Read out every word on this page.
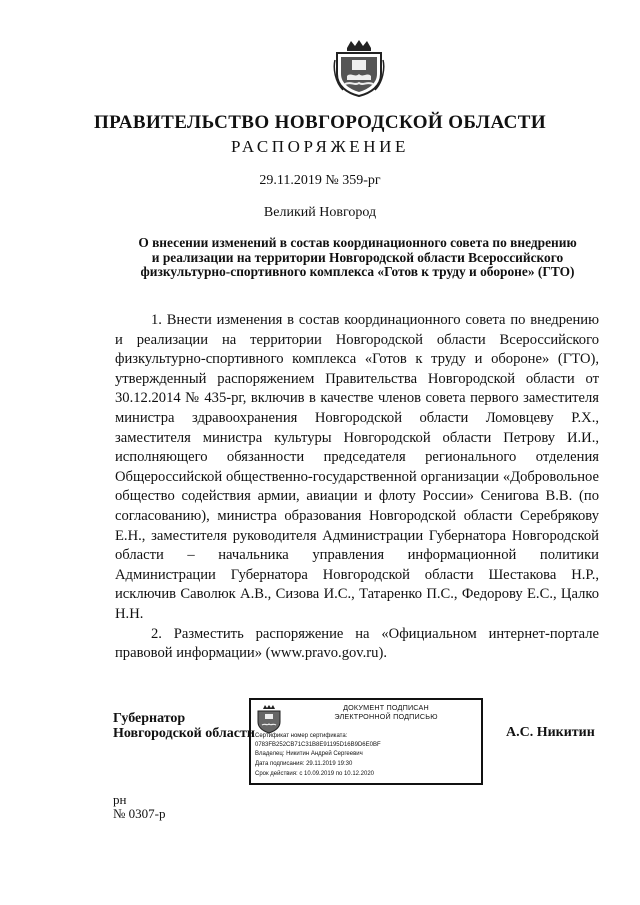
ПРАВИТЕЛЬСТВО НОВГОРОДСКОЙ ОБЛАСТИ
РАСПОРЯЖЕНИЕ
29.11.2019 № 359-рг
Великий Новгород
О внесении изменений в состав координационного совета по внедрению
и реализации на территории Новгородской области Всероссийского
физкультурно-спортивного комплекса «Готов к труду и обороне» (ГТО)

1. Внести изменения в состав координационного совета по внедрению и реализации на территории Новгородской области Всероссийского физкультурно-спортивного комплекса «Готов к труду и обороне» (ГТО), утвержденный распоряжением Правительства Новгородской области от 30.12.2014 № 435-рг, включив в качестве членов совета первого заместителя министра здравоохранения Новгородской области Ломовцеву Р.Х., заместителя министра культуры Новгородской области Петрову И.И., исполняющего обязанности председателя регионального отделения Общероссийской общественно-государственной организации «Добровольное общество содействия армии, авиации и флоту России» Сенигова В.В. (по согласованию), министра образования Новгородской области Серебрякову Е.Н., заместителя руководителя Администрации Губернатора Новгородской области – начальника управления информационной политики Администрации Губернатора Новгородской области Шестакова Н.Р., исключив Саволюк А.В., Сизова И.С., Татаренко П.С., Федорову Е.С., Цалко Н.Н.

2. Разместить распоряжение на «Официальном интернет-портале правовой информации» (www.pravo.gov.ru).

Губернатор
Новгородской области
ДОКУМЕНТ ПОДПИСАН
ЭЛЕКТРОННОЙ ПОДПИСЬЮ
Сертификат номер сертификата:
0783FB252CB71C31B8E91195D16B9D6E0BF
Владелец: Никитин Андрей Сергеевич
Дата подписания: 29.11.2019 19:30
Срок действия: с 10.09.2019 по 10.12.2020
А.С. Никитин
рн
№ 0307-р
